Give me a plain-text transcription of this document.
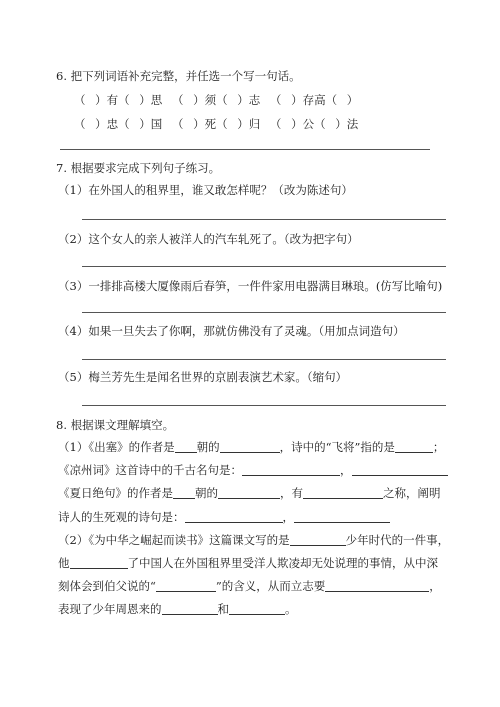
6. 把下列词语补充完整，并任选一个写一句话。
（ ）有（ ）思 （ ）须（ ）志 （ ）存高（ ）
（ ）忠（ ）国 （ ）死（ ）归 （ ）公（ ）法
7. 根据要求完成下列句子练习。
（1）在外国人的租界里，谁又敢怎样呢？（改为陈述句）
（2）这个女人的亲人被洋人的汽车轧死了。（改为把字句）
（3）一排排高楼大厦像雨后春笋，一件件家用电器满目琳琅。(仿写比喻句)
（4）如果一旦失去了你啊，那就仿佛没有了灵魂。（用加点词造句）
（5）梅兰芳先生是闻名世界的京剧表演艺术家。（缩句）
8. 根据课文理解填空。
（1）《出塞》的作者是 朝的	，诗中的“飞将”指的是	；
《凉州词》这首诗中的千古名句是：	，
《夏日绝句》的作者是 朝的	，有	之称，阐明
诗人的生死观的诗句是：	，
（2）《为中华之崛起而读书》这篇课文写的是	少年时代的一件事，
他	了中国人在外国租界里受洋人欺凌却无处说理的事情，从中深
刻体会到伯父说的“	”的含义，从而立志要	，
表现了少年周恩来的	和	。
